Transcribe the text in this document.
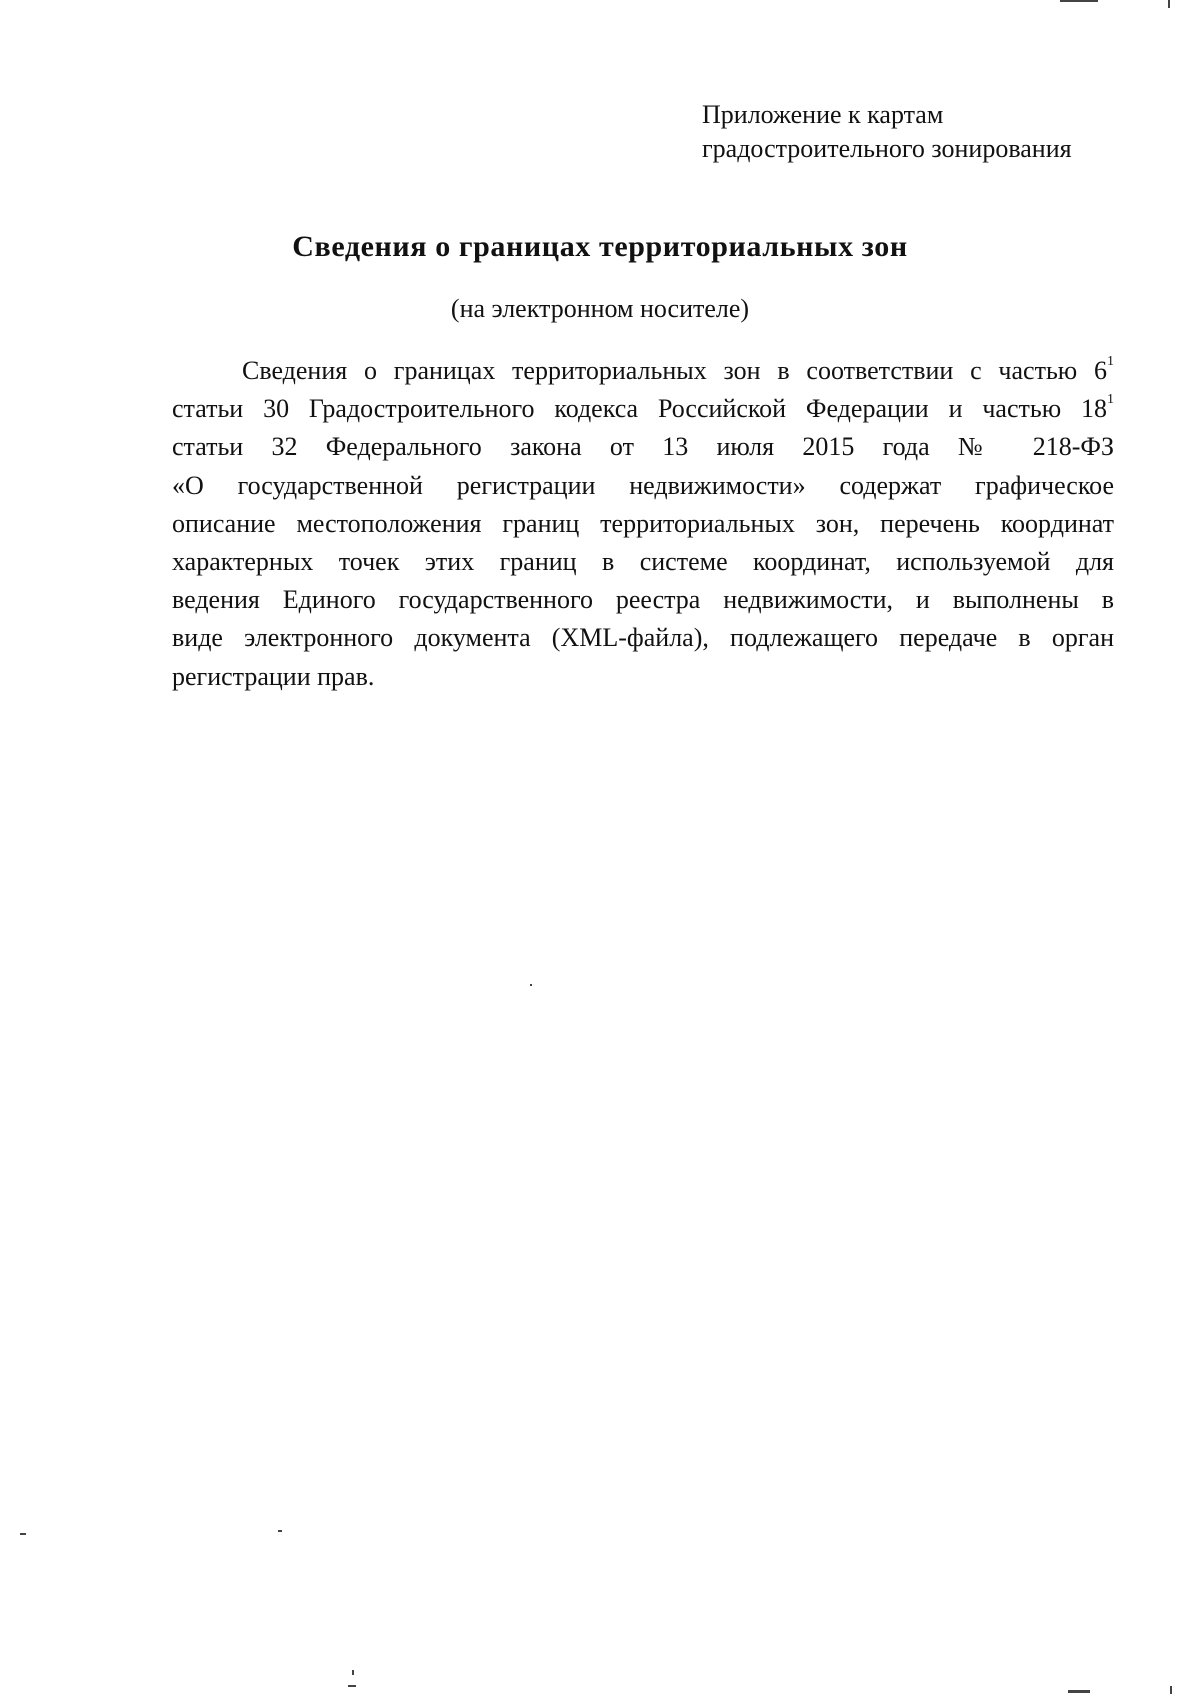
Приложение к картам
градостроительного зонирования
Сведения о границах территориальных зон
(на электронном носителе)
Сведения о границах территориальных зон в соответствии с частью $6^1$
статьи 30 Градостроительного кодекса Российской Федерации и частью $18^1$
статьи 32 Федерального закона от 13 июля 2015 года № 218-ФЗ
«О государственной регистрации недвижимости» содержат графическое
описание местоположения границ территориальных зон, перечень координат
характерных точек этих границ в системе координат, используемой для
ведения Единого государственного реестра недвижимости, и выполнены в
виде электронного документа (XML-файла), подлежащего передаче в орган
регистрации прав.
